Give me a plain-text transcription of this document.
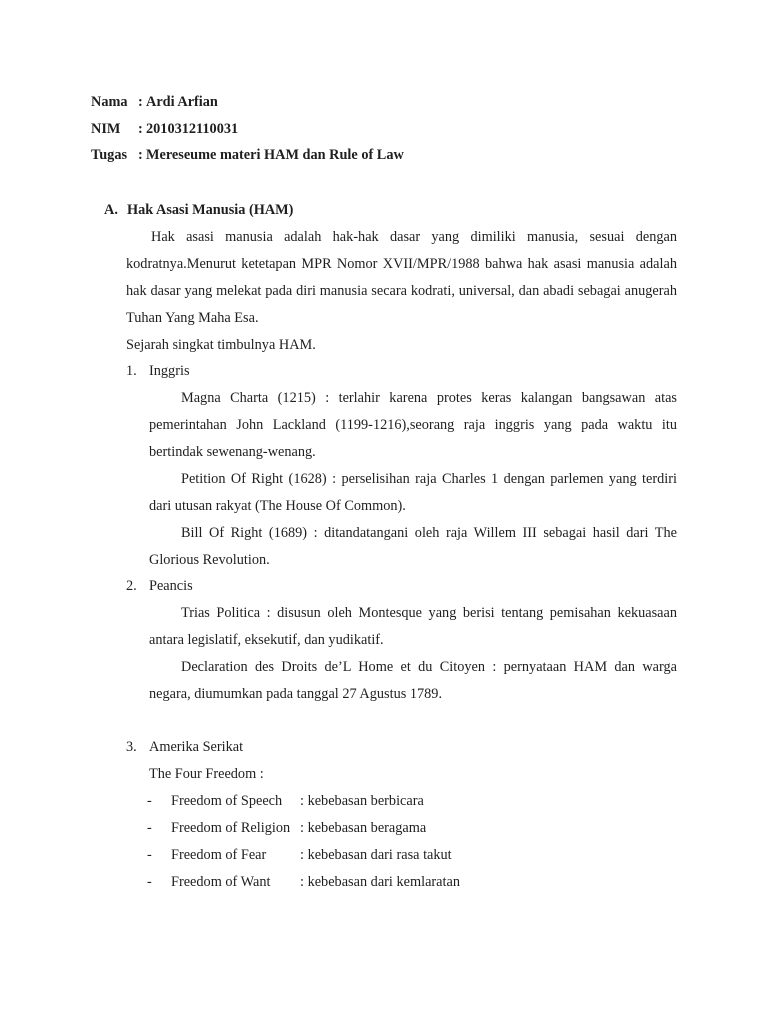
Nama : Ardi Arfian
NIM	: 2010312110031
Tugas : Mereseume materi HAM dan Rule of Law
A. Hak Asasi Manusia (HAM)

Hak asasi manusia adalah hak-hak dasar yang dimiliki manusia, sesuai dengan kodratnya.Menurut ketetapan MPR Nomor XVII/MPR/1988 bahwa hak asasi manusia adalah hak dasar yang melekat pada diri manusia secara kodrati, universal, dan abadi sebagai anugerah Tuhan Yang Maha Esa.

Sejarah singkat timbulnya HAM.
1. Inggris

Magna Charta (1215) : terlahir karena protes keras kalangan bangsawan atas pemerintahan John Lackland (1199-1216),seorang raja inggris yang pada waktu itu bertindak sewenang-wenang.

Petition Of Right (1628) : perselisihan raja Charles 1 dengan parlemen yang terdiri dari utusan rakyat (The House Of Common).

Bill Of Right (1689) : ditandatangani oleh raja Willem III sebagai hasil dari The Glorious Revolution.

2. Peancis

Trias Politica : disusun oleh Montesque yang berisi tentang pemisahan kekuasaan antara legislatif, eksekutif, dan yudikatif.

Declaration des Droits de’L Home et du Citoyen : pernyataan HAM dan warga negara, diumumkan pada tanggal 27 Agustus 1789.

3. Amerika Serikat
The Four Freedom :
-	Freedom of Speech	:
kebebasan berbicara
-	Freedom of Religion :
kebebasan beragama
-	Freedom of Fear	:
kebebasan dari rasa takut
-	Freedom of Want	:
kebebasan dari kemlaratan
